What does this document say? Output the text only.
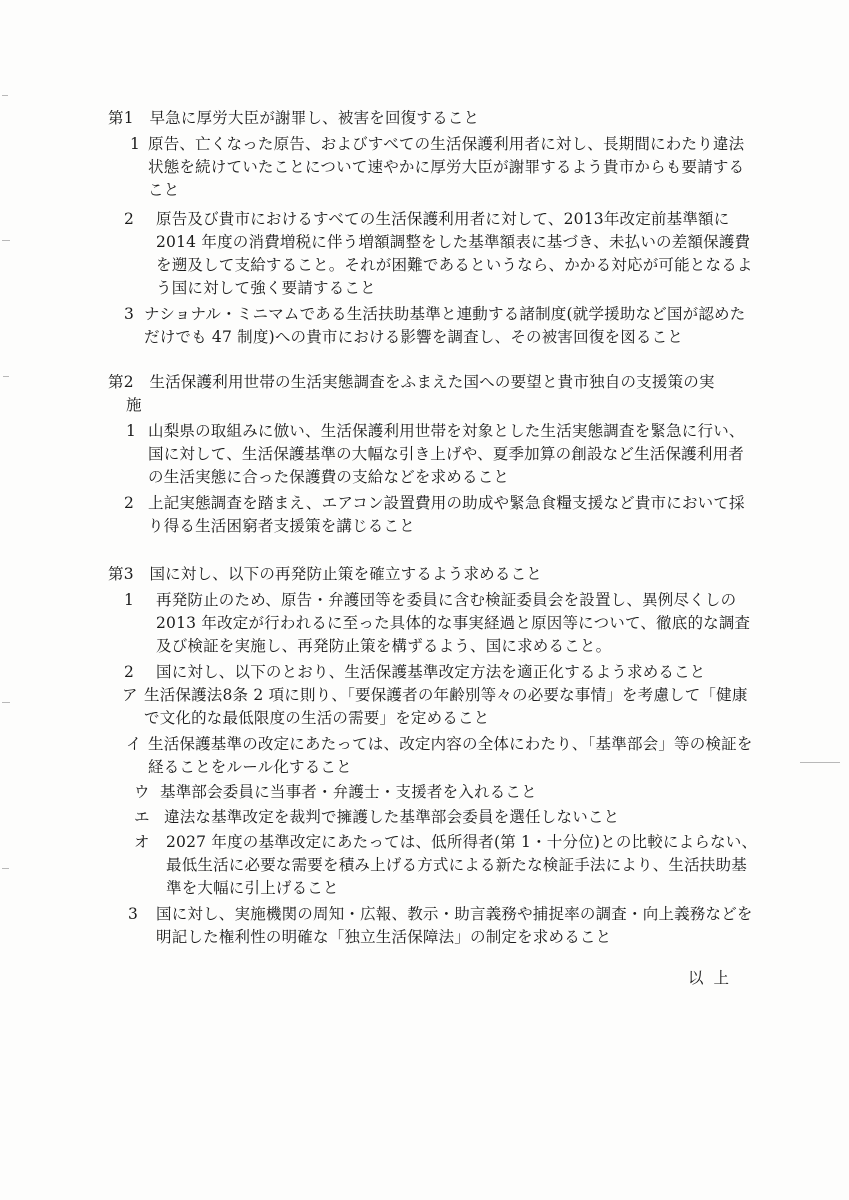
第1　早急に厚労大臣が謝罪し、被害を回復すること

1 原告、亡くなった原告、およびすべての生活保護利用者に対し、長期間にわたり違法状態を続けていたことについて速やかに厚労大臣が謝罪するよう貴市からも要請すること
2 原告及び貴市におけるすべての生活保護利用者に対して、2013年改定前基準額に 2014 年度の消費増税に伴う増額調整をした基準額表に基づき、未払いの差額保護費を遡及して支給すること。それが困難であるというなら、かかる対応が可能となるよう国に対して強く要請すること
3 ナショナル・ミニマムである生活扶助基準と連動する諸制度(就学援助など国が認めただけでも 47 制度)への貴市における影響を調査し、その被害回復を図ること

第2　生活保護利用世帯の生活実態調査をふまえた国への要望と貴市独自の支援策の実
施

1 山梨県の取組みに倣い、生活保護利用世帯を対象とした生活実態調査を緊急に行い、国に対して、生活保護基準の大幅な引き上げや、夏季加算の創設など生活保護利用者の生活実態に合った保護費の支給などを求めること
2 上記実態調査を踏まえ、エアコン設置費用の助成や緊急食糧支援など貴市において採り得る生活困窮者支援策を講じること

第3　国に対し、以下の再発防止策を確立するよう求めること

1 再発防止のため、原告・弁護団等を委員に含む検証委員会を設置し、異例尽くしの2013 年改定が行われるに至った具体的な事実経過と原因等について、徹底的な調査及び検証を実施し、再発防止策を構ずるよう、国に求めること。
2 国に対し、以下のとおり、生活保護基準改定方法を適正化するよう求めること
ア 生活保護法8条 2 項に則り、「要保護者の年齢別等々の必要な事情」を考慮して「健康で文化的な最低限度の生活の需要」を定めること
イ 生活保護基準の改定にあたっては、改定内容の全体にわたり、「基準部会」等の検証を経ることをルール化すること
ウ 基準部会委員に当事者・弁護士・支援者を入れること
エ 違法な基準改定を裁判で擁護した基準部会委員を選任しないこと
オ 2027 年度の基準改定にあたっては、低所得者(第 1・十分位)との比較によらない、最低生活に必要な需要を積み上げる方式による新たな検証手法により、生活扶助基準を大幅に引上げること
3 国に対し、実施機関の周知・広報、教示・助言義務や捕捉率の調査・向上義務などを明記した権利性の明確な「独立生活保障法」の制定を求めること
以上
